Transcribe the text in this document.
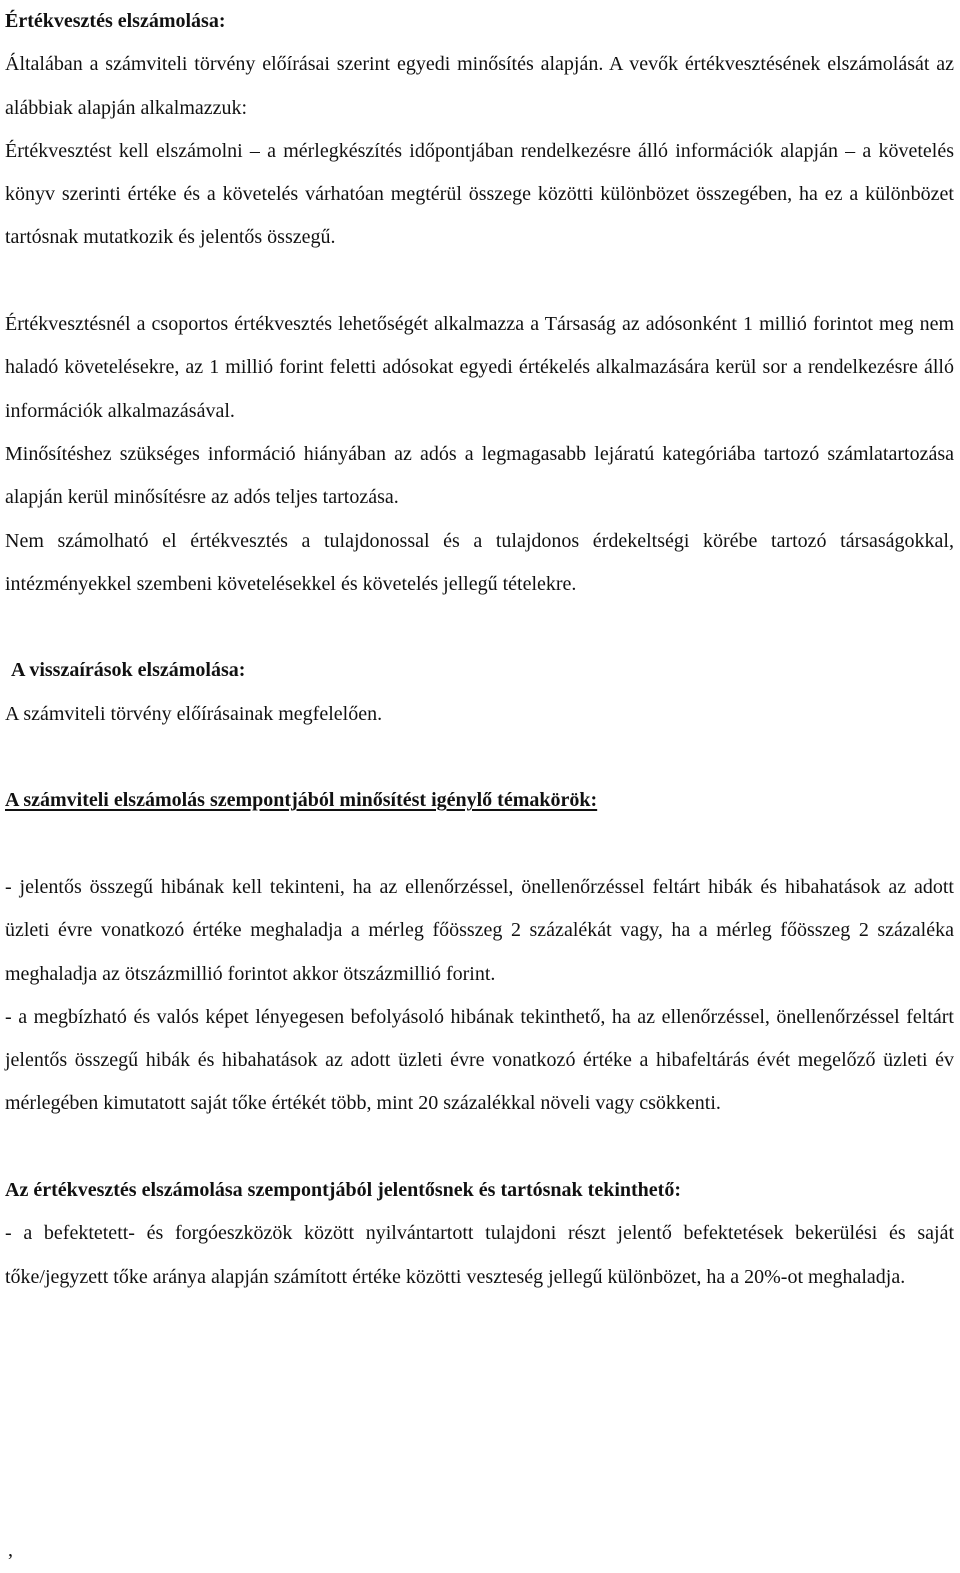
Értékvesztés elszámolása:

Általában a számviteli törvény előírásai szerint egyedi minősítés alapján. A vevők értékvesztésének elszámolását az alábbiak alapján alkalmazzuk:

Értékvesztést kell elszámolni – a mérlegkészítés időpontjában rendelkezésre álló információk alapján – a követelés könyv szerinti értéke és a követelés várhatóan megtérül összege közötti különbözet összegében, ha ez a különbözet tartósnak mutatkozik és jelentős összegű.

Értékvesztésnél a csoportos értékvesztés lehetőségét alkalmazza a Társaság az adósonként 1 millió forintot meg nem haladó követelésekre, az 1 millió forint feletti adósokat egyedi értékelés alkalmazására kerül sor a rendelkezésre álló információk alkalmazásával.

Minősítéshez szükséges információ hiányában az adós a legmagasabb lejáratú kategóriába tartozó számlatartozása alapján kerül minősítésre az adós teljes tartozása.

Nem számolható el értékvesztés a tulajdonossal és a tulajdonos érdekeltségi körébe tartozó társaságokkal, intézményekkel szembeni követelésekkel és követelés jellegű tételekre.

A visszaírások elszámolása:

A számviteli törvény előírásainak megfelelően.

A számviteli elszámolás szempontjából minősítést igénylő témakörök:

- jelentős összegű hibának kell tekinteni, ha az ellenőrzéssel, önellenőrzéssel feltárt hibák és hibahatások az adott üzleti évre vonatkozó értéke meghaladja a mérleg főösszeg 2 százalékát vagy, ha a mérleg főösszeg 2 százaléka meghaladja az ötszázmillió forintot akkor ötszázmillió forint.

- a megbízható és valós képet lényegesen befolyásoló hibának tekinthető, ha az ellenőrzéssel, önellenőrzéssel feltárt jelentős összegű hibák és hibahatások az adott üzleti évre vonatkozó értéke a hibafeltárás évét megelőző üzleti év mérlegében kimutatott saját tőke értékét több, mint 20 százalékkal növeli vagy csökkenti.

Az értékvesztés elszámolása szempontjából jelentősnek és tartósnak tekinthető:

- a befektetett- és forgóeszközök között nyilvántartott tulajdoni részt jelentő befektetések bekerülési és saját tőke/jegyzett tőke aránya alapján számított értéke közötti veszteség jellegű különbözet, ha a 20%-ot meghaladja.

,
